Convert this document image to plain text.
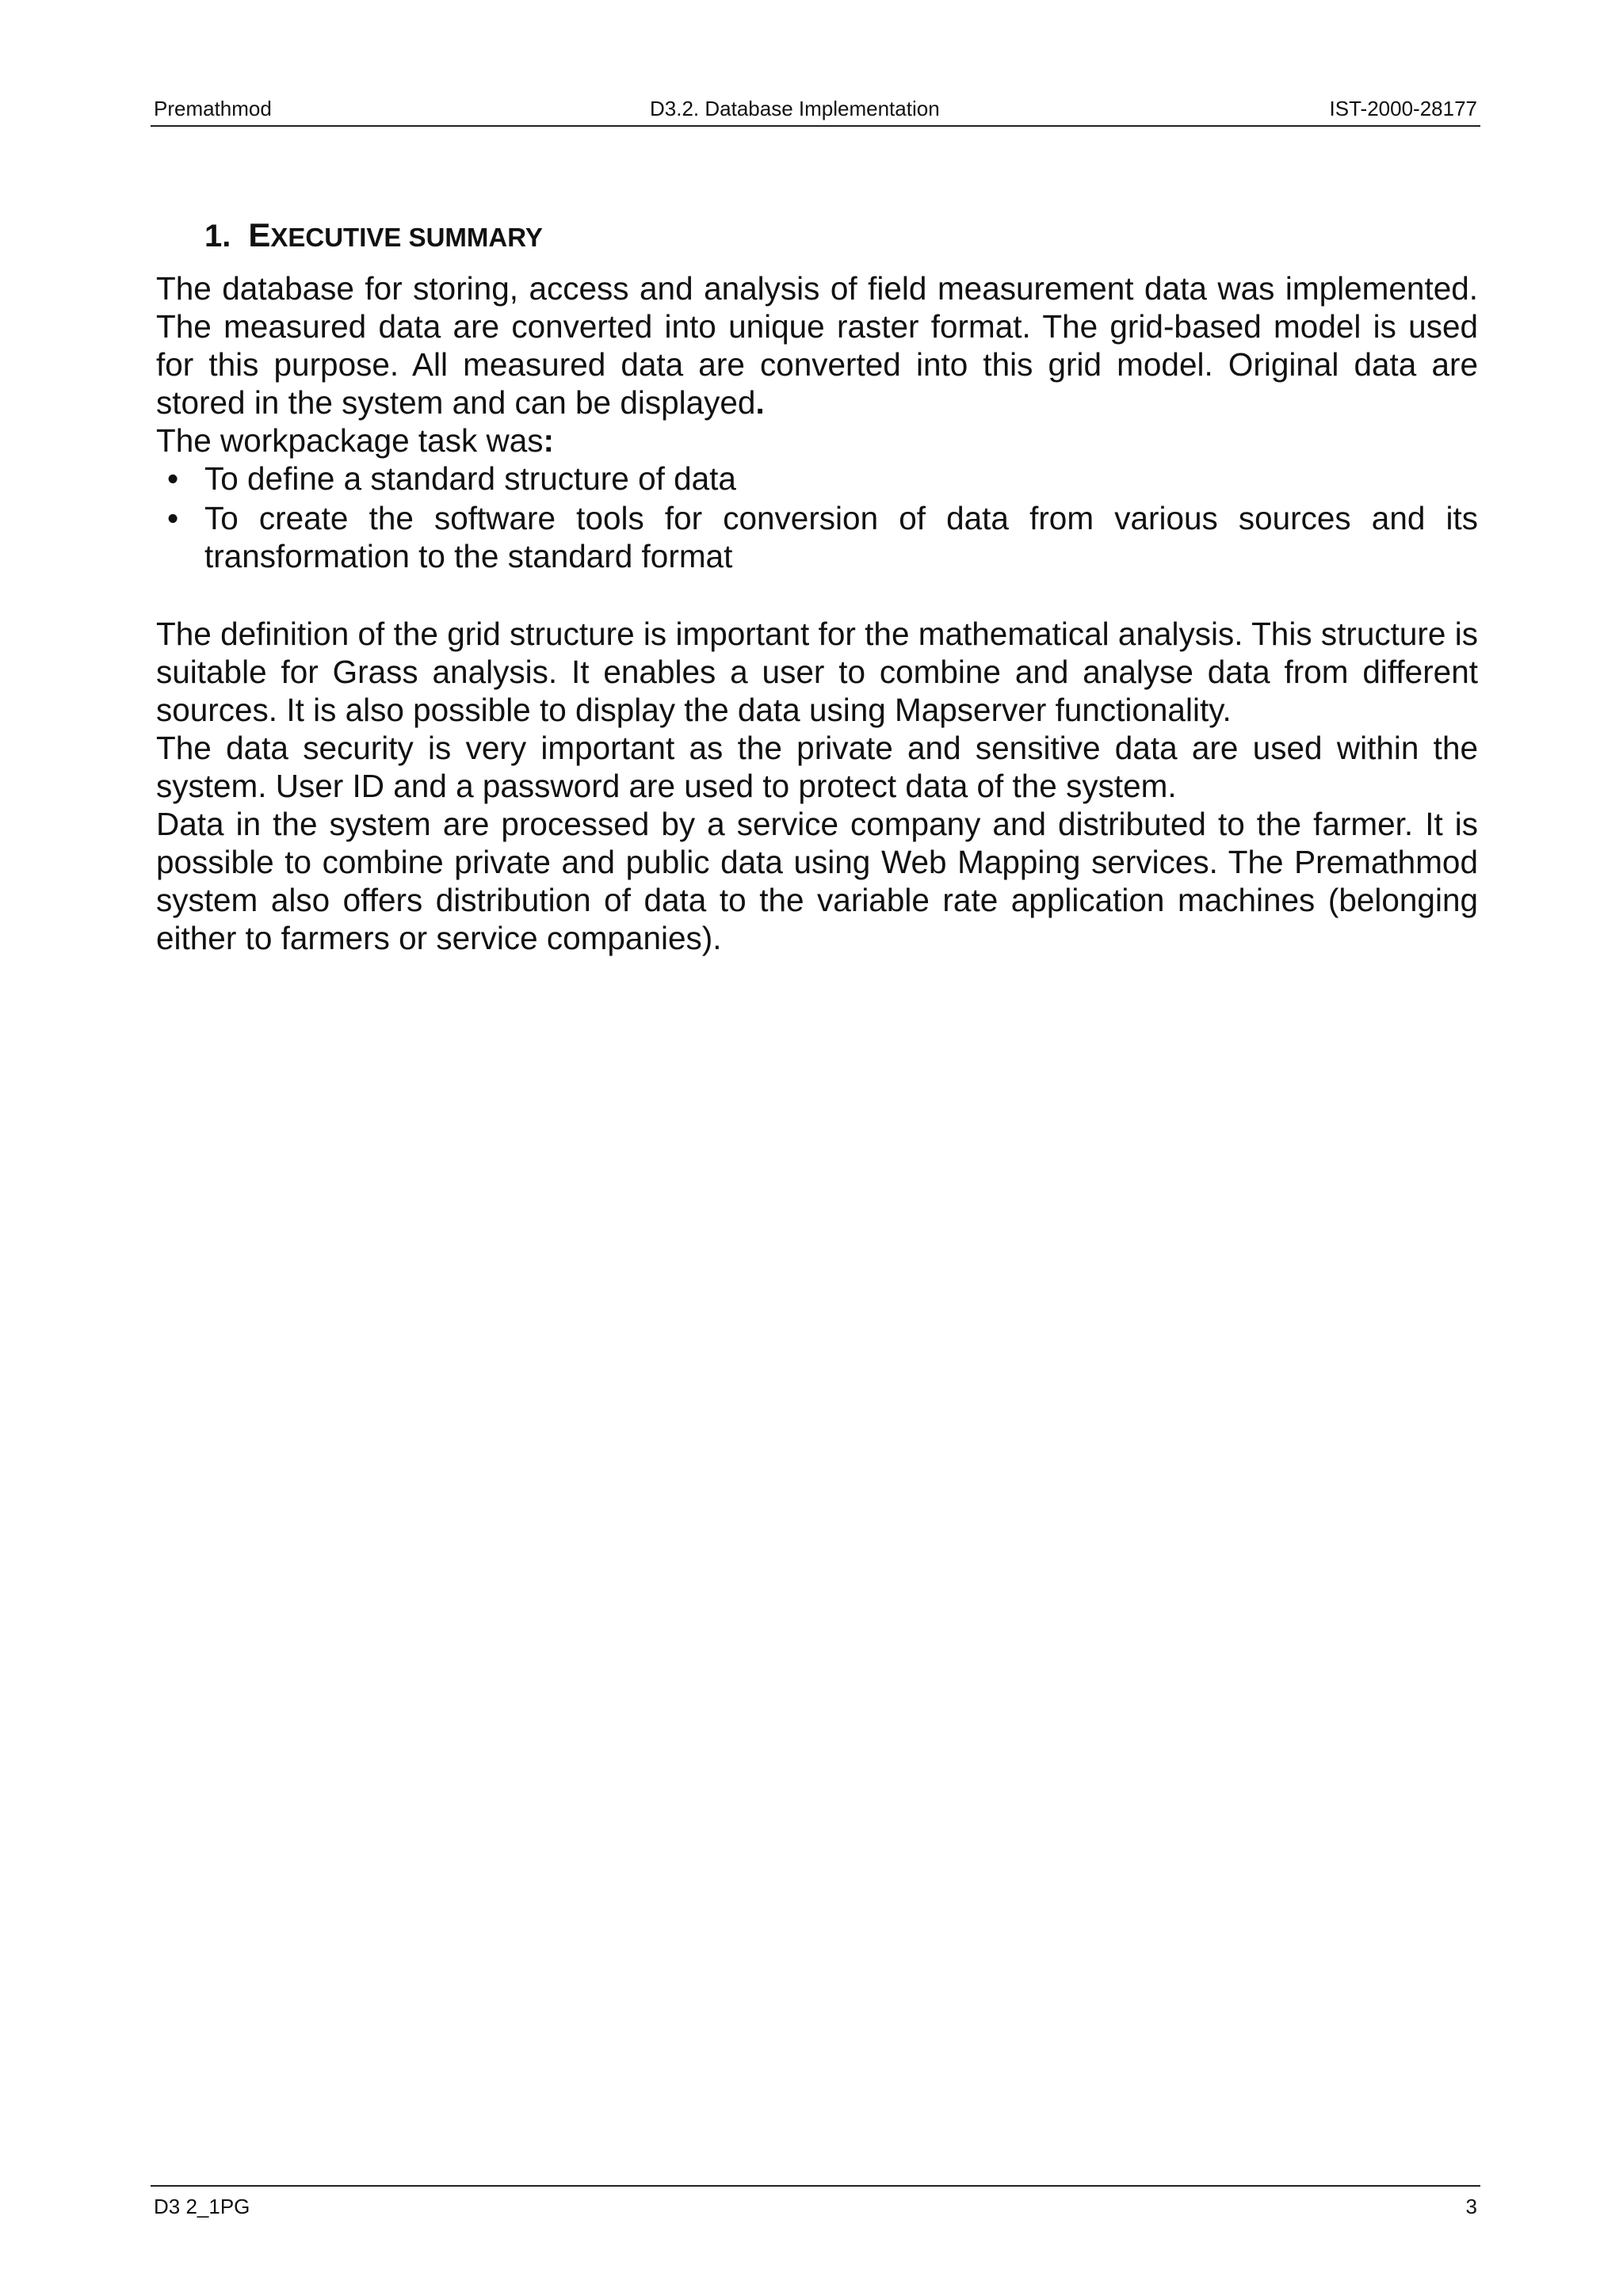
Premathmod	D3.2. Database Implementation	IST-2000-28177
1. EXECUTIVE SUMMARY

The database for storing, access and analysis of field measurement data was implemented. The measured data are converted into unique raster format. The grid-based model is used for this purpose. All measured data are converted into this grid model. Original data are stored in the system and can be displayed.

The workpackage task was:

• To define a standard structure of data
• To create the software tools for conversion of data from various sources and its transformation to the standard format

The definition of the grid structure is important for the mathematical analysis. This structure is suitable for Grass analysis. It enables a user to combine and analyse data from different sources. It is also possible to display the data using Mapserver functionality.

The data security is very important as the private and sensitive data are used within the system. User ID and a password are used to protect data of the system.

Data in the system are processed by a service company and distributed to the farmer. It is possible to combine private and public data using Web Mapping services. The Premathmod system also offers distribution of data to the variable rate application machines (belonging either to farmers or service companies).

D3 2_1PG	3
